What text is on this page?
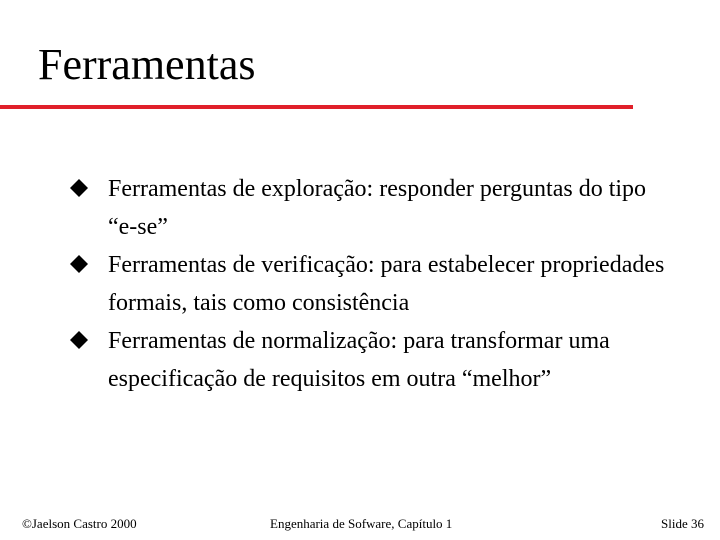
Ferramentas
Ferramentas de exploração: responder perguntas do tipo “e-se”
Ferramentas de verificação: para estabelecer propriedades formais, tais como consistência
Ferramentas de normalização: para transformar uma especificação de requisitos em outra “melhor”
©Jaelson Castro 2000	Engenharia de Sofware, Capítulo 1	Slide 36
